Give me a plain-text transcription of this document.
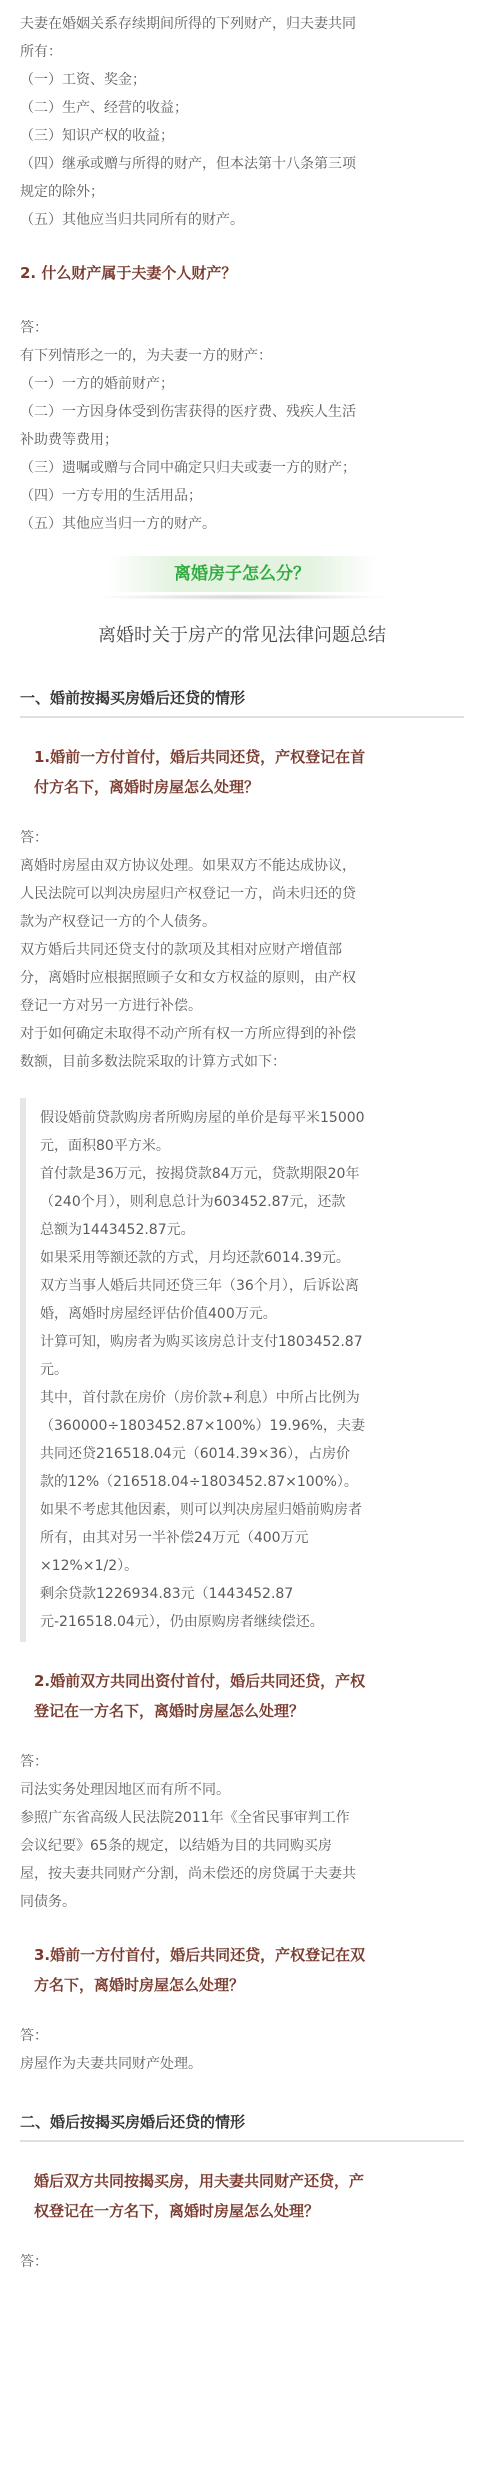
夫妻在婚姻关系存续期间所得的下列财产，归夫妻共同

所有：

（一）工资、奖金；

（二）生产、经营的收益；

（三）知识产权的收益；

（四）继承或赠与所得的财产，但本法第十八条第三项

规定的除外；

（五）其他应当归共同所有的财产。

2. 什么财产属于夫妻个人财产？

答：

有下列情形之一的，为夫妻一方的财产：

（一）一方的婚前财产；

（二）一方因身体受到伤害获得的医疗费、残疾人生活

补助费等费用；

（三）遗嘱或赠与合同中确定只归夫或妻一方的财产；

（四）一方专用的生活用品；

（五）其他应当归一方的财产。

离婚房子怎么分？

离婚时关于房产的常见法律问题总结

一、婚前按揭买房婚后还贷的情形

1.婚前一方付首付，婚后共同还贷，产权登记在首

付方名下，离婚时房屋怎么处理？

答：

离婚时房屋由双方协议处理。如果双方不能达成协议，

人民法院可以判决房屋归产权登记一方，尚未归还的贷

款为产权登记一方的个人债务。

双方婚后共同还贷支付的款项及其相对应财产增值部

分，离婚时应根据照顾子女和女方权益的原则，由产权

登记一方对另一方进行补偿。

对于如何确定未取得不动产所有权一方所应得到的补偿

数额，目前多数法院采取的计算方式如下：

假设婚前贷款购房者所购房屋的单价是每平米15000

元，面积80平方米。

首付款是36万元，按揭贷款84万元，贷款期限20年

（240个月），则利息总计为603452.87元，还款

总额为1443452.87元。

如果采用等额还款的方式，月均还款6014.39元。

双方当事人婚后共同还贷三年（36个月），后诉讼离

婚，离婚时房屋经评估价值400万元。

计算可知，购房者为购买该房总计支付1803452.87

元。

其中，首付款在房价（房价款+利息）中所占比例为

（360000÷1803452.87×100%）19.96%，夫妻

共同还贷216518.04元（6014.39×36），占房价

款的12%（216518.04÷1803452.87×100%）。

如果不考虑其他因素，则可以判决房屋归婚前购房者

所有，由其对另一半补偿24万元（400万元

×12%×1/2）。

剩余贷款1226934.83元（1443452.87

元-216518.04元），仍由原购房者继续偿还。

2.婚前双方共同出资付首付，婚后共同还贷，产权

登记在一方名下，离婚时房屋怎么处理？

答：

司法实务处理因地区而有所不同。

参照广东省高级人民法院2011年《全省民事审判工作

会议纪要》65条的规定，以结婚为目的共同购买房

屋，按夫妻共同财产分割，尚未偿还的房贷属于夫妻共

同债务。

3.婚前一方付首付，婚后共同还贷，产权登记在双

方名下，离婚时房屋怎么处理？

答：

房屋作为夫妻共同财产处理。

二、婚后按揭买房婚后还贷的情形

婚后双方共同按揭买房，用夫妻共同财产还贷，产

权登记在一方名下，离婚时房屋怎么处理？

答：
